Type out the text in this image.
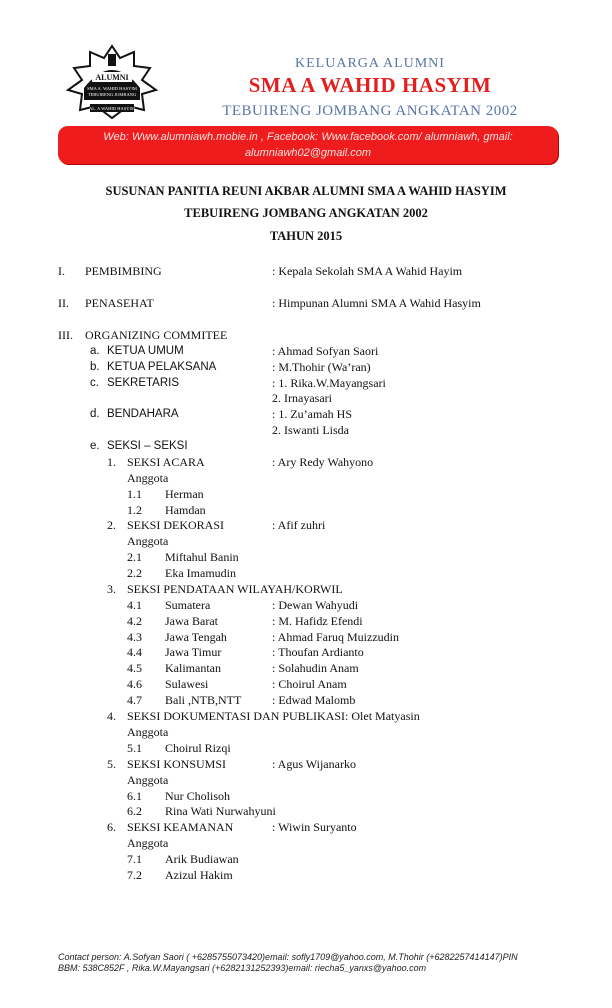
ALUMNI
SMA A. WAHID HASYIM
TEBUIRENG JOMBANG
AL. A WAHID HASYIM
KELUARGA ALUMNI
SMA A WAHID HASYIM
TEBUIRENG JOMBANG ANGKATAN 2002
Web: Www.alumniawh.mobie.in , Facebook: Www.facebook.com/ alumniawh, gmail:
alumniawh02@gmail.com
SUSUNAN PANITIA REUNI AKBAR ALUMNI SMA A WAHID HASYIM
TEBUIRENG JOMBANG ANGKATAN 2002
TAHUN 2015
I. PEMBIMBING	: Kepala Sekolah SMA A Wahid Hayim
II. PENASEHAT	: Himpunan Alumni SMA A Wahid Hasyim
III. ORGANIZING COMMITEE
a. KETUA UMUM	: Ahmad Sofyan Saori
b. KETUA PELAKSANA	: M.Thohir (Wa’ran)
c. SEKRETARIS	: 1. Rika.W.Mayangsari
2. Irnayasari
d. BENDAHARA	: 1. Zu’amah HS
2. Iswanti Lisda
e. SEKSI – SEKSI
1. SEKSI ACARA	: Ary Redy Wahyono
Anggota
1.1 Herman
1.2 Hamdan
2. SEKSI DEKORASI	: Afif zuhri
Anggota
2.1 Miftahul Banin
2.2 Eka Imamudin
3. SEKSI PENDATAAN WILAYAH/KORWIL
4.1 Sumatera	: Dewan Wahyudi
4.2 Jawa Barat	: M. Hafidz Efendi
4.3 Jawa Tengah	: Ahmad Faruq Muizzudin
4.4 Jawa Timur	: Thoufan Ardianto
4.5 Kalimantan	: Solahudin Anam
4.6 Sulawesi	: Choirul Anam
4.7 Bali ,NTB,NTT	: Edwad Malomb
4. SEKSI DOKUMENTASI DAN PUBLIKASI: Olet Matyasin
Anggota
5.1 Choirul Rizqi
5. SEKSI KONSUMSI	: Agus Wijanarko
Anggota
6.1 Nur Cholisoh
6.2 Rina Wati Nurwahyuni
6. SEKSI KEAMANAN	: Wiwin Suryanto
Anggota
7.1 Arik Budiawan
7.2 Azizul Hakim
Contact person: A.Sofyan Saori ( +6285755073420)email: sofly1709@yahoo.com, M.Thohir (+6282257414147)PIN
BBM: 538C852F , Rika.W.Mayangsari (+6282131252393)email: riecha5_yanxs@yahoo.com
